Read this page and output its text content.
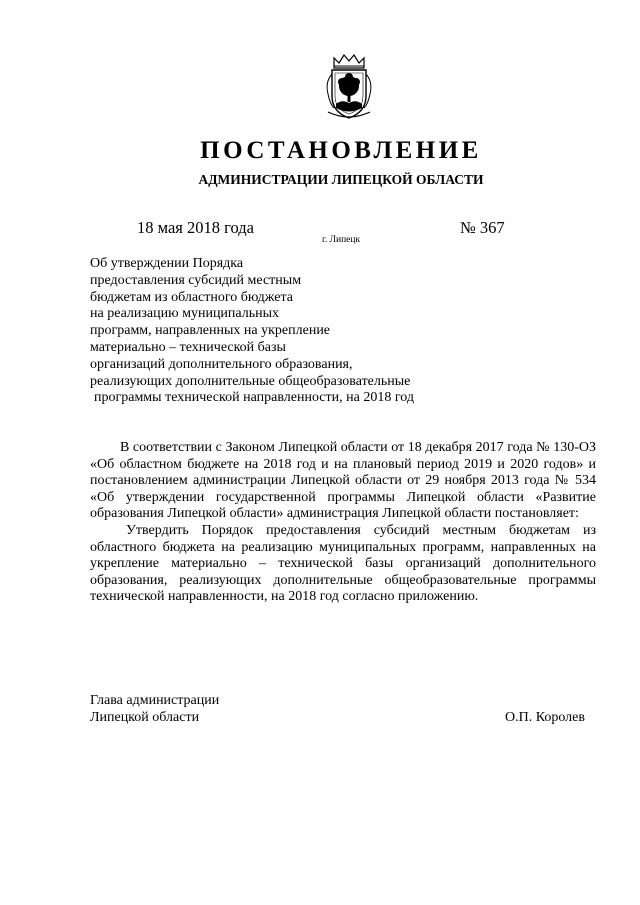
ПОСТАНОВЛЕНИЕ
АДМИНИСТРАЦИИ ЛИПЕЦКОЙ ОБЛАСТИ
18 мая 2018 года
г. Липецк
№ 367
Об утверждении Порядка
предоставления субсидий местным
бюджетам из областного бюджета
на реализацию муниципальных
программ, направленных на укрепление
материально – технической базы
организаций дополнительного образования,
реализующих дополнительные общеобразовательные
программы технической направленности, на 2018 год

В соответствии с Законом Липецкой области от 18 декабря 2017 года № 130-ОЗ «Об областном бюджете на 2018 год и на плановый период 2019 и 2020 годов» и постановлением администрации Липецкой области от 29 ноября 2013 года № 534 «Об утверждении государственной программы Липецкой области «Развитие образования Липецкой области» администрация Липецкой области постановляет:

Утвердить Порядок предоставления субсидий местным бюджетам из областного бюджета на реализацию муниципальных программ, направленных на укрепление материально – технической базы организаций дополнительного образования, реализующих дополнительные общеобразовательные программы технической направленности, на 2018 год согласно приложению.

Глава администрации
Липецкой области	О.П. Королев
